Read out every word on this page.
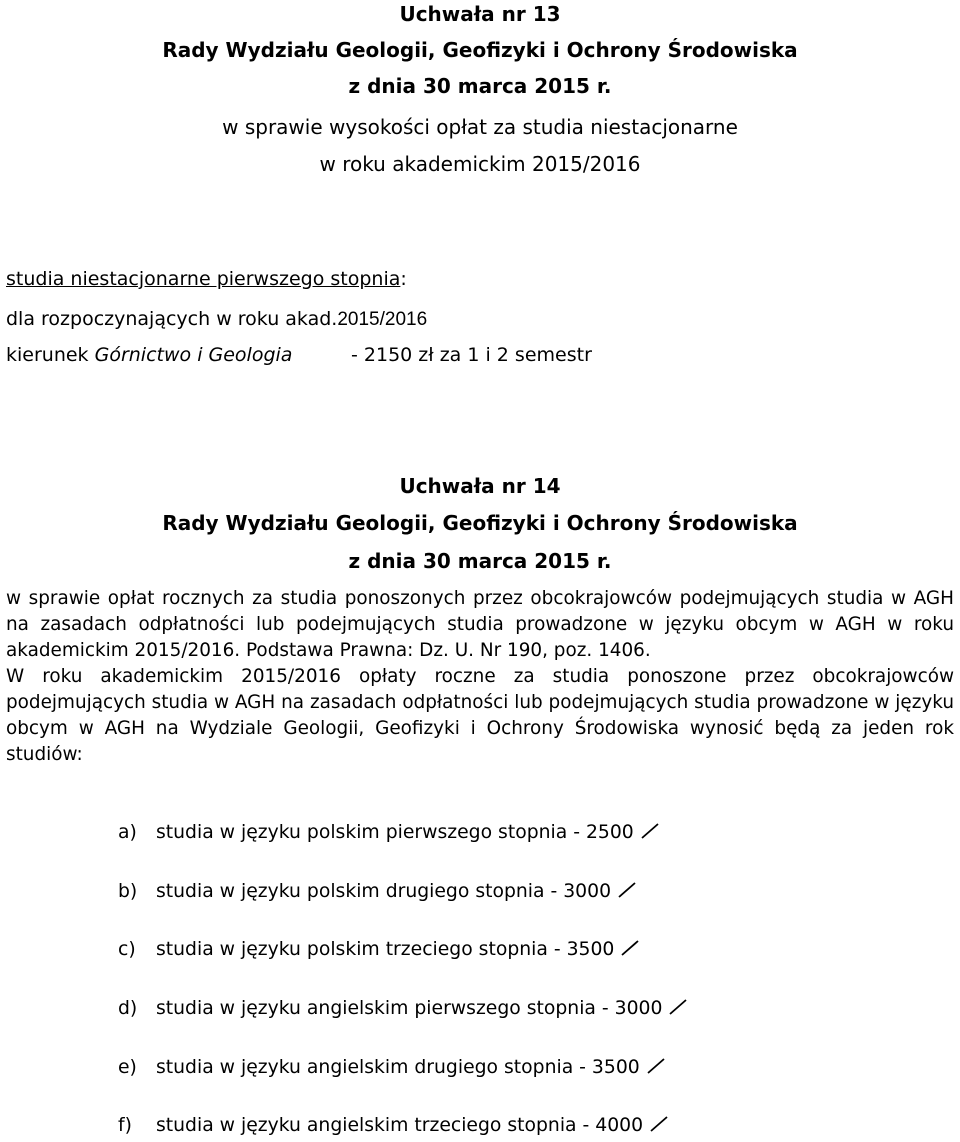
Uchwała nr 13
Rady Wydziału Geologii, Geofizyki i Ochrony Środowiska
z dnia 30 marca 2015 r.
w sprawie wysokości opłat za studia niestacjonarne
w roku akademickim 2015/2016
studia niestacjonarne pierwszego stopnia:
dla rozpoczynających w roku akad.2015/2016
kierunek Górnictwo i Geologia	- 2150 zł za 1 i 2 semestr
Uchwała nr 14
Rady Wydziału Geologii, Geofizyki i Ochrony Środowiska
z dnia 30 marca 2015 r.
w sprawie opłat rocznych za studia ponoszonych przez obcokrajowców podejmujących studia w AGH na zasadach odpłatności lub podejmujących studia prowadzone w języku obcym w AGH w roku akademickim 2015/2016. Podstawa Prawna: Dz. U. Nr 190, poz. 1406.
W roku akademickim 2015/2016 opłaty roczne za studia ponoszone przez obcokrajowców podejmujących studia w AGH na zasadach odpłatności lub podejmujących studia prowadzone w języku obcym w AGH na Wydziale Geologii, Geofizyki i Ochrony Środowiska wynosić będą za jeden rok studiów:
a) studia w języku polskim pierwszego stopnia - 2500
b) studia w języku polskim drugiego stopnia - 3000
c) studia w języku polskim trzeciego stopnia - 3500
d) studia w języku angielskim pierwszego stopnia - 3000
e) studia w języku angielskim drugiego stopnia - 3500
f) studia w języku angielskim trzeciego stopnia - 4000
